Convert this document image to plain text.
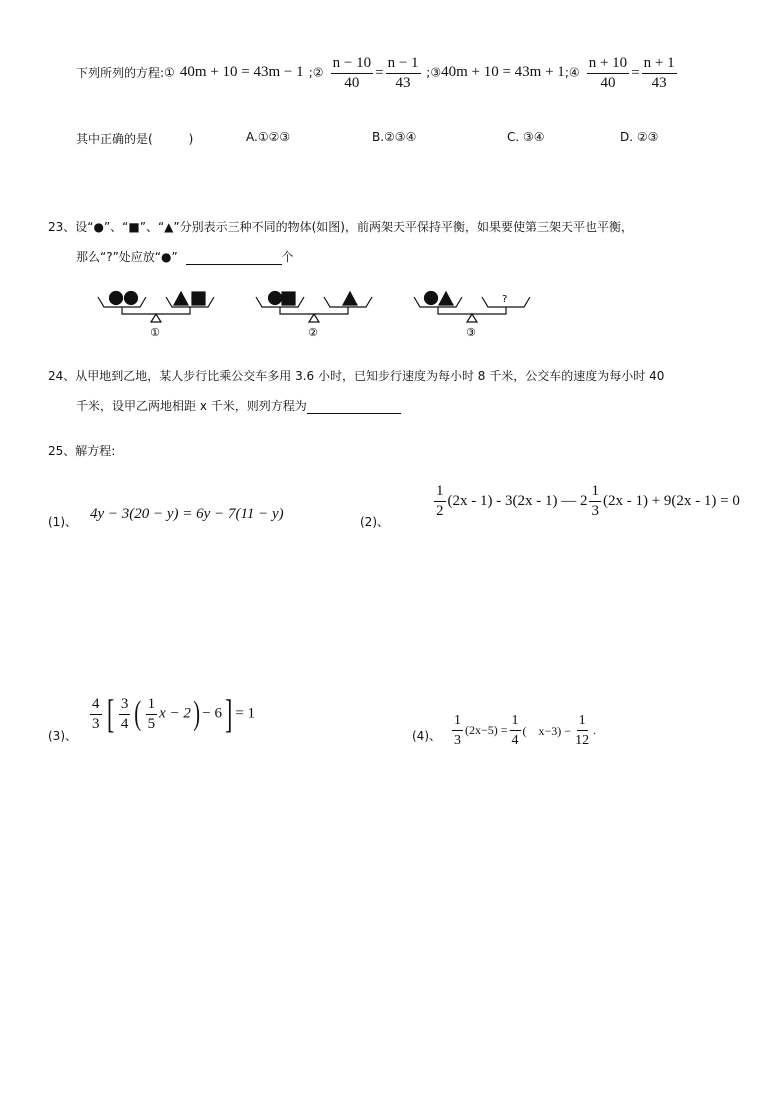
下列所列的方程:① 40m + 10 = 43m − 1 ;② $\frac{n - 10}{40} = \frac{n - 1}{43}$ ;③40m + 10 = 43m + 1;④ $\frac{n + 10}{40} = \frac{n + 1}{43}$
其中正确的是(　　　)	A.①②③	B.②③④	C. ③④	D. ②③
23、设“●”、“■”、“▲”分别表示三种不同的物体(如图)，前两架天平保持平衡，如果要使第三架天平也平衡，
那么“?”处应放“●”	个
①	②
?
③
24、从甲地到乙地，某人步行比乘公交车多用 3.6 小时，已知步行速度为每小时 8 千米，公交车的速度为每小时 40
千米，设甲乙两地相距 x 千米，则列方程为
25、解方程:
(1)、 4y − 3(20 − y) = 6y − 7(11 − y)	(2)、
$\frac{1}{2} (2x - 1) - 3(2x - 1)$ — $2 \frac{1}{3} (2x - 1) + 9(2x - 1) = 0$
(3)、
$\frac{4}{3}$ [ $\frac{3}{4}$ ( $\frac{1}{5}$ x − 2) − 6] = 1
(4)、 $\frac{1}{3} (2x-5) = \frac{1}{4}$ (　$x-3) - \frac{1}{12}$ .
